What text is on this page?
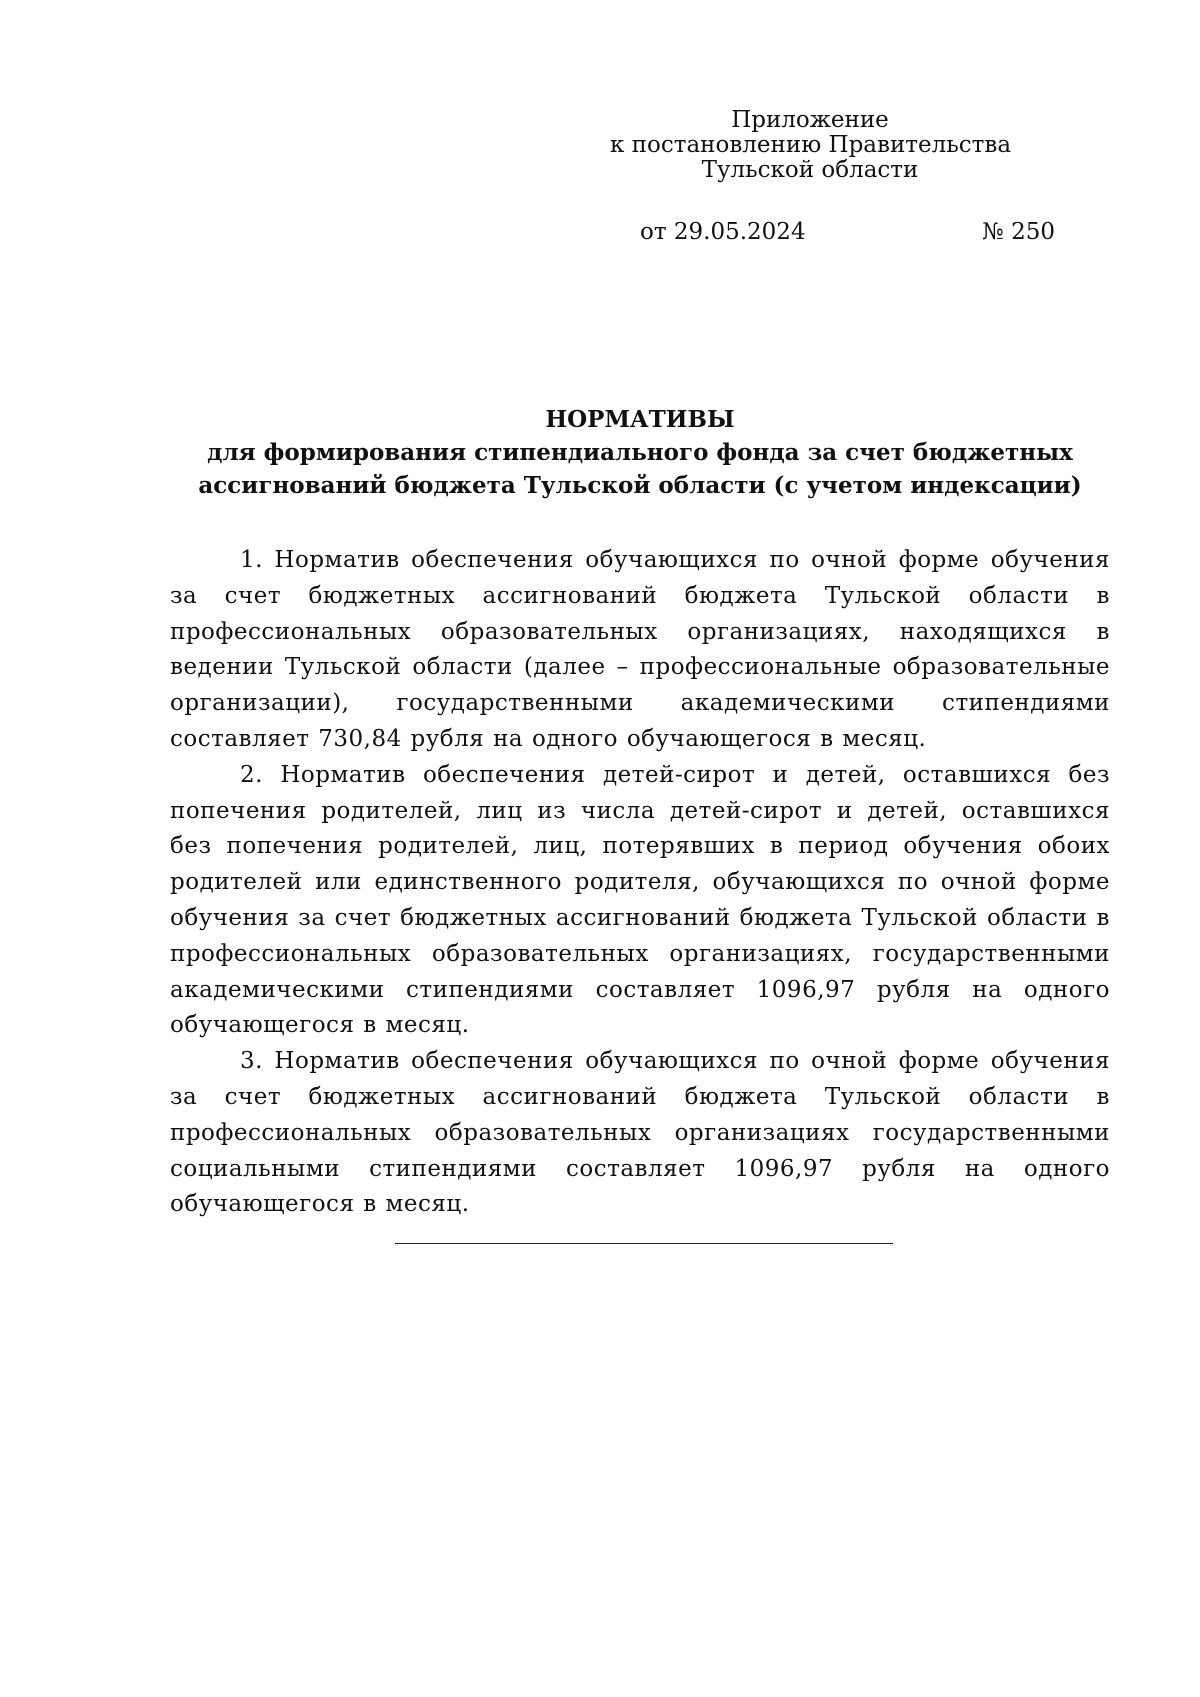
Приложение
к постановлению Правительства
Тульской области
от 29.05.2024	№ 250
НОРМАТИВЫ
для формирования стипендиального фонда за счет бюджетных
ассигнований бюджета Тульской области (с учетом индексации)

1. Норматив обеспечения обучающихся по очной форме обучения за счет бюджетных ассигнований бюджета Тульской области в профессиональных образовательных организациях, находящихся в ведении Тульской области (далее – профессиональные образовательные организации), государственными академическими стипендиями составляет 730,84 рубля на одного обучающегося в месяц.

2. Норматив обеспечения детей-сирот и детей, оставшихся без попечения родителей, лиц из числа детей-сирот и детей, оставшихся без попечения родителей, лиц, потерявших в период обучения обоих родителей или единственного родителя, обучающихся по очной форме обучения за счет бюджетных ассигнований бюджета Тульской области в профессиональных образовательных организациях, государственными академическими стипендиями составляет 1096,97 рубля на одного обучающегося в месяц.

3. Норматив обеспечения обучающихся по очной форме обучения за счет бюджетных ассигнований бюджета Тульской области в профессиональных образовательных организациях государственными социальными стипендиями составляет 1096,97 рубля на одного обучающегося в месяц.
